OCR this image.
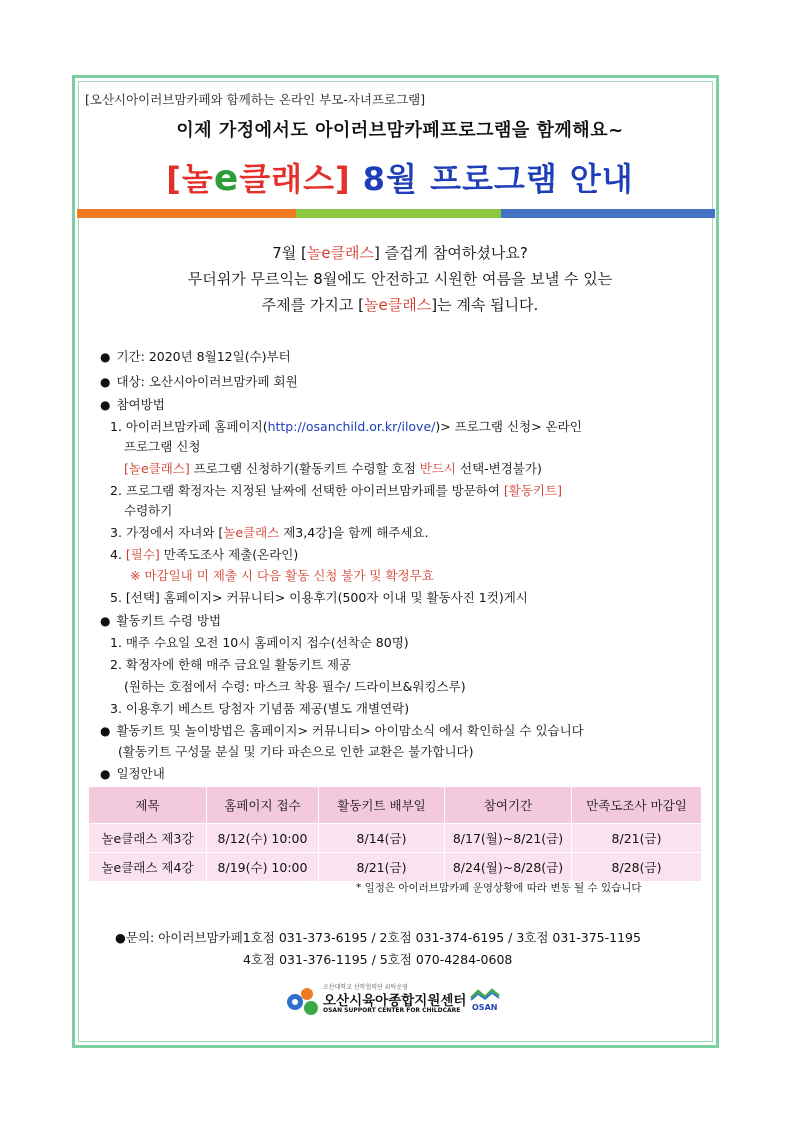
[오산시아이러브맘카페와 함께하는 온라인 부모-자녀프로그램]
이제 가정에서도 아이러브맘카페프로그램을 함께해요~
[놀e클래스] 8월 프로그램 안내
7월 [놀e클래스] 즐겁게 참여하셨나요?
무더위가 무르익는 8월에도 안전하고 시원한 여름을 보낼 수 있는
주제를 가지고 [놀e클래스]는 계속 됩니다.
● 기간: 2020년 8월12일(수)부터
● 대상: 오산시아이러브맘카페 회원
● 참여방법
1. 아이러브맘카페 홈페이지(http://osanchild.or.kr/ilove/)> 프로그램 신청> 온라인
프로그램 신청
[놀e클래스] 프로그램 신청하기(활동키트 수령할 호점 반드시 선택-변경불가)
2. 프로그램 확정자는 지정된 날짜에 선택한 아이러브맘카페를 방문하여 [활동키트]
수령하기
3. 가정에서 자녀와 [놀e클래스 제3,4강]을 함께 해주세요.
4. [필수] 만족도조사 제출(온라인)
※ 마감일내 미 제출 시 다음 활동 신청 불가 및 확정무효
5. [선택] 홈페이지> 커뮤니티> 이용후기(500자 이내 및 활동사진 1컷)게시
● 활동키트 수령 방법
1. 매주 수요일 오전 10시 홈페이지 접수(선착순 80명)
2. 확정자에 한해 매주 금요일 활동키트 제공
(원하는 호점에서 수령: 마스크 착용 필수/ 드라이브&워킹스루)
3. 이용후기 베스트 당첨자 기념품 제공(별도 개별연락)
● 활동키트 및 놀이방법은 홈페이지> 커뮤니티> 아이맘소식 에서 확인하실 수 있습니다
(활동키트 구성물 분실 및 기타 파손으로 인한 교환은 불가합니다)
● 일정안내
제목	홈페이지 접수	활동키트 배부일	참여기간	만족도조사 마감일
놀e클래스 제3강	8/12(수) 10:00	8/14(금)	8/17(월)~8/21(금)	8/21(금)
놀e클래스 제4강	8/19(수) 10:00	8/21(금)	8/24(월)~8/28(금)	8/28(금)
* 일정은 아이러브맘카페 운영상황에 따라 변동 될 수 있습니다
●문의: 아이러브맘카페1호점 031-373-6195 / 2호점 031-374-6195 / 3호점 031-375-1195
4호점 031-376-1195 / 5호점 070-4284-0608
오산대학교 산학협력단 위탁운영
오산시육아종합지원센터
OSAN SUPPORT CENTER FOR CHILDCARE OSAN
